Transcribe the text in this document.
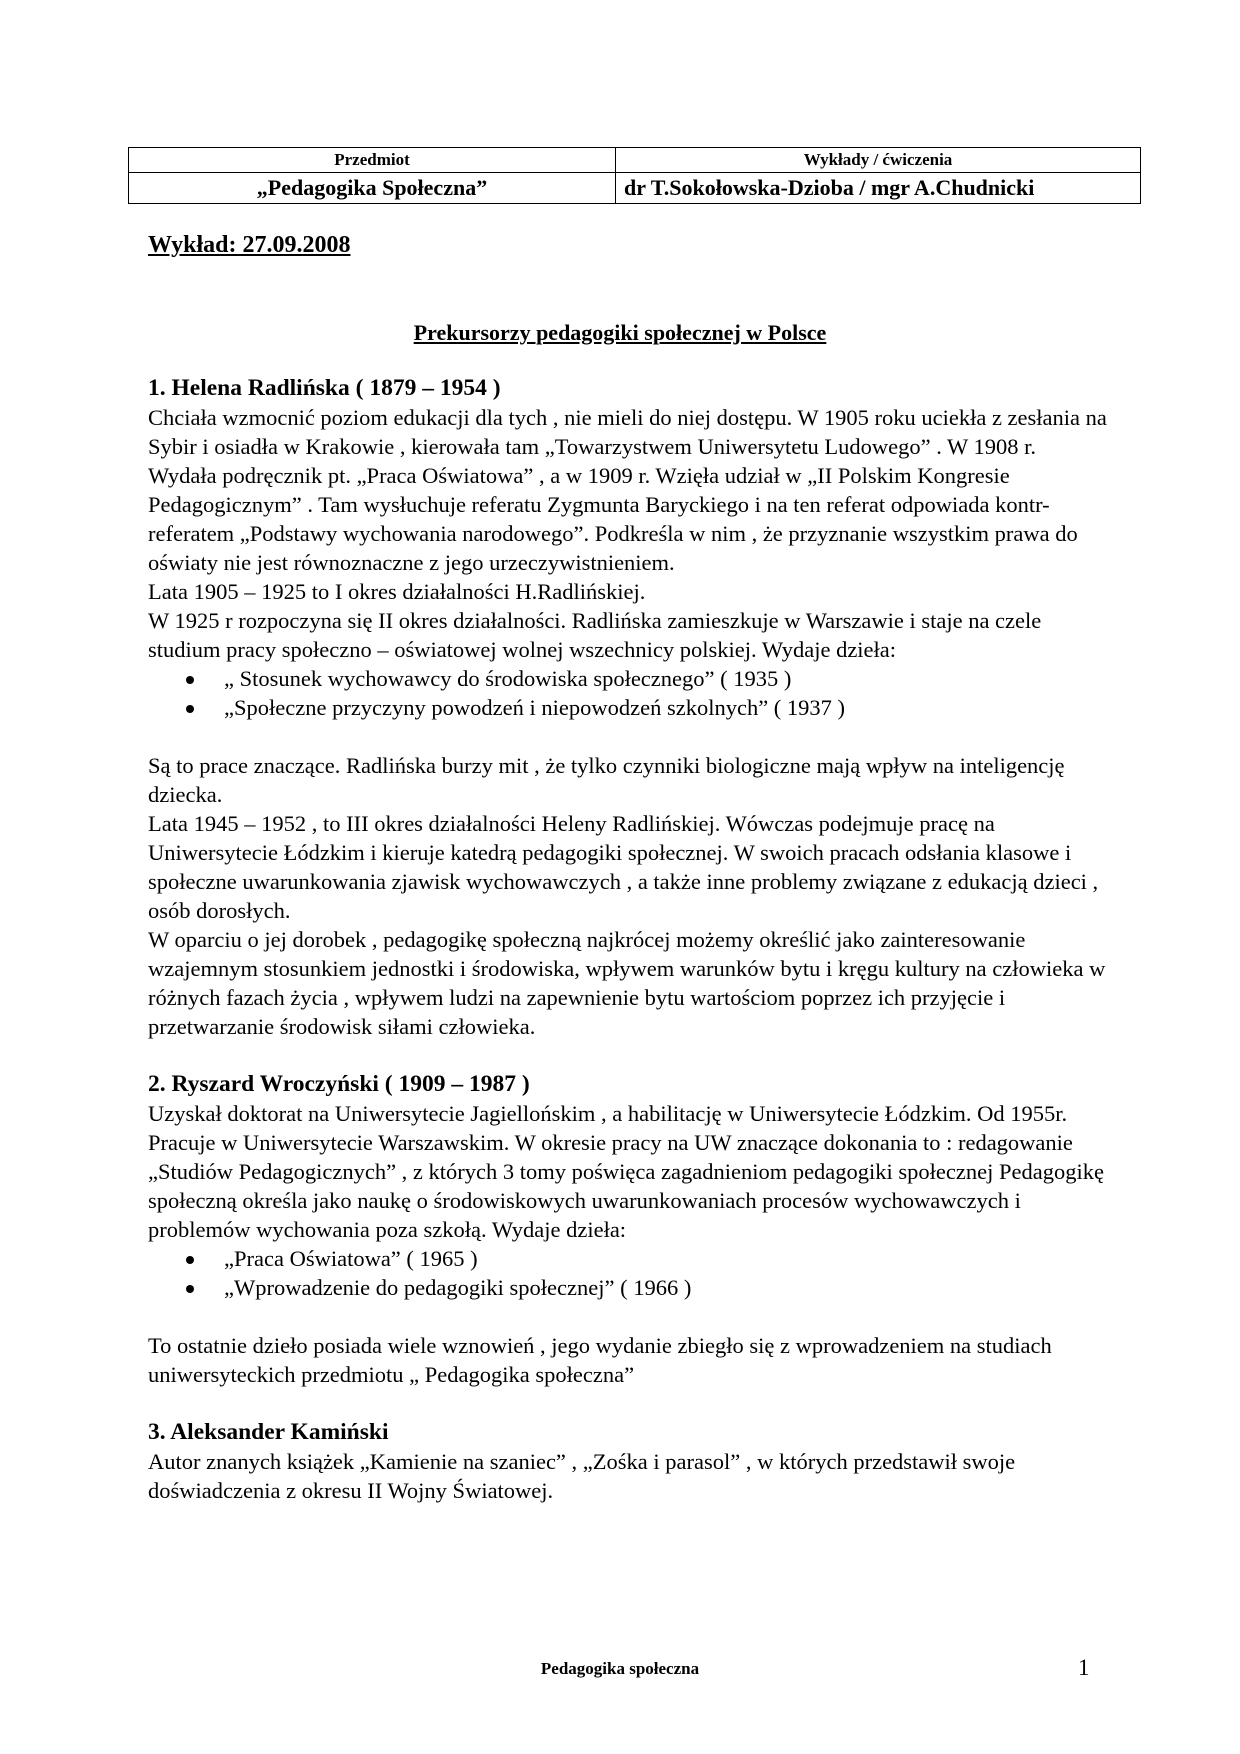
Przedmiot	Wykłady / ćwiczenia
„Pedagogika Społeczna”	dr T.Sokołowska-Dzioba / mgr A.Chudnicki
Wykład: 27.09.2008
Prekursorzy pedagogiki społecznej w Polsce
1. Helena Radlińska ( 1879 – 1954 )

Chciała wzmocnić poziom edukacji dla tych , nie mieli do niej dostępu. W 1905 roku uciekła z zesłania na Sybir i osiadła w Krakowie , kierowała tam „Towarzystwem Uniwersytetu Ludowego” . W 1908 r. Wydała podręcznik pt. „Praca Oświatowa” , a w 1909 r. Wzięła udział w „II Polskim Kongresie Pedagogicznym” . Tam wysłuchuje referatu Zygmunta Baryckiego i na ten referat odpowiada kontr-referatem „Podstawy wychowania narodowego”. Podkreśla w nim , że przyznanie wszystkim prawa do oświaty nie jest równoznaczne z jego urzeczywistnieniem.

Lata 1905 – 1925 to I okres działalności H.Radlińskiej.

W 1925 r rozpoczyna się II okres działalności. Radlińska zamieszkuje w Warszawie i staje na czele studium pracy społeczno – oświatowej wolnej wszechnicy polskiej. Wydaje dzieła:

„ Stosunek wychowawcy do środowiska społecznego” ( 1935 )
„Społeczne przyczyny powodzeń i niepowodzeń szkolnych” ( 1937 )

Są to prace znaczące. Radlińska burzy mit , że tylko czynniki biologiczne mają wpływ na inteligencję dziecka.

Lata 1945 – 1952 , to III okres działalności Heleny Radlińskiej. Wówczas podejmuje pracę na Uniwersytecie Łódzkim i kieruje katedrą pedagogiki społecznej. W swoich pracach odsłania klasowe i społeczne uwarunkowania zjawisk wychowawczych , a także inne problemy związane z edukacją dzieci , osób dorosłych.

W oparciu o jej dorobek , pedagogikę społeczną najkrócej możemy określić jako zainteresowanie wzajemnym stosunkiem jednostki i środowiska, wpływem warunków bytu i kręgu kultury na człowieka w różnych fazach życia , wpływem ludzi na zapewnienie bytu wartościom poprzez ich przyjęcie i przetwarzanie środowisk siłami człowieka.

2. Ryszard Wroczyński ( 1909 – 1987 )

Uzyskał doktorat na Uniwersytecie Jagiellońskim , a habilitację w Uniwersytecie Łódzkim. Od 1955r. Pracuje w Uniwersytecie Warszawskim. W okresie pracy na UW znaczące dokonania to : redagowanie „Studiów Pedagogicznych” , z których 3 tomy poświęca zagadnieniom pedagogiki społecznej Pedagogikę społeczną określa jako naukę o środowiskowych uwarunkowaniach procesów wychowawczych i problemów wychowania poza szkołą. Wydaje dzieła:

„Praca Oświatowa” ( 1965 )
„Wprowadzenie do pedagogiki społecznej” ( 1966 )

To ostatnie dzieło posiada wiele wznowień , jego wydanie zbiegło się z wprowadzeniem na studiach uniwersyteckich przedmiotu „ Pedagogika społeczna”

3. Aleksander Kamiński

Autor znanych książek „Kamienie na szaniec” , „Zośka i parasol” , w których przedstawił swoje doświadczenia z okresu II Wojny Światowej.

Pedagogika społeczna	1
